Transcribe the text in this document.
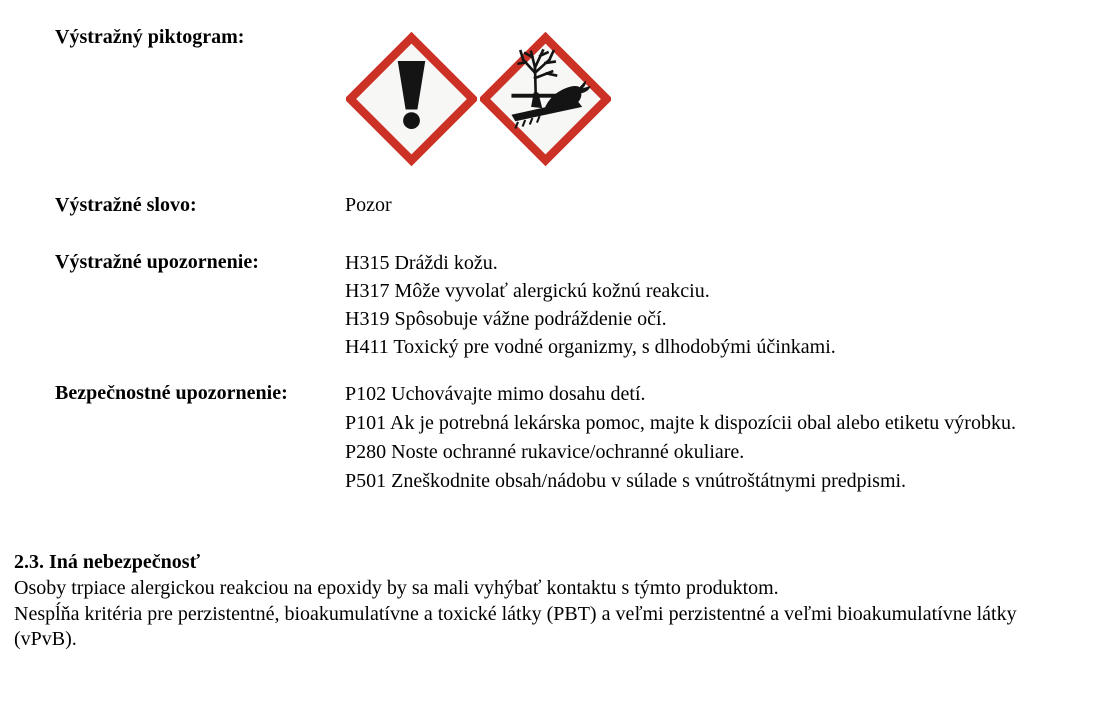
Výstražný piktogram:
Výstražné slovo:	Pozor
Výstražné upozornenie:	H315 Dráždi kožu.
H317 Môže vyvolať alergickú kožnú reakciu.
H319 Spôsobuje vážne podráždenie očí.
H411 Toxický pre vodné organizmy, s dlhodobými účinkami.
Bezpečnostné upozornenie:	P102 Uchovávajte mimo dosahu detí.
P101 Ak je potrebná lekárska pomoc, majte k dispozícii obal alebo etiketu výrobku.
P280 Noste ochranné rukavice/ochranné okuliare.
P501 Zneškodnite obsah/nádobu v súlade s vnútroštátnymi predpismi.
2.3. Iná nebezpečnosť
Osoby trpiace alergickou reakciou na epoxidy by sa mali vyhýbať kontaktu s týmto produktom.
Nespĺňa kritéria pre perzistentné, bioakumulatívne a toxické látky (PBT) a veľmi perzistentné a veľmi bioakumulatívne látky
(vPvB).
